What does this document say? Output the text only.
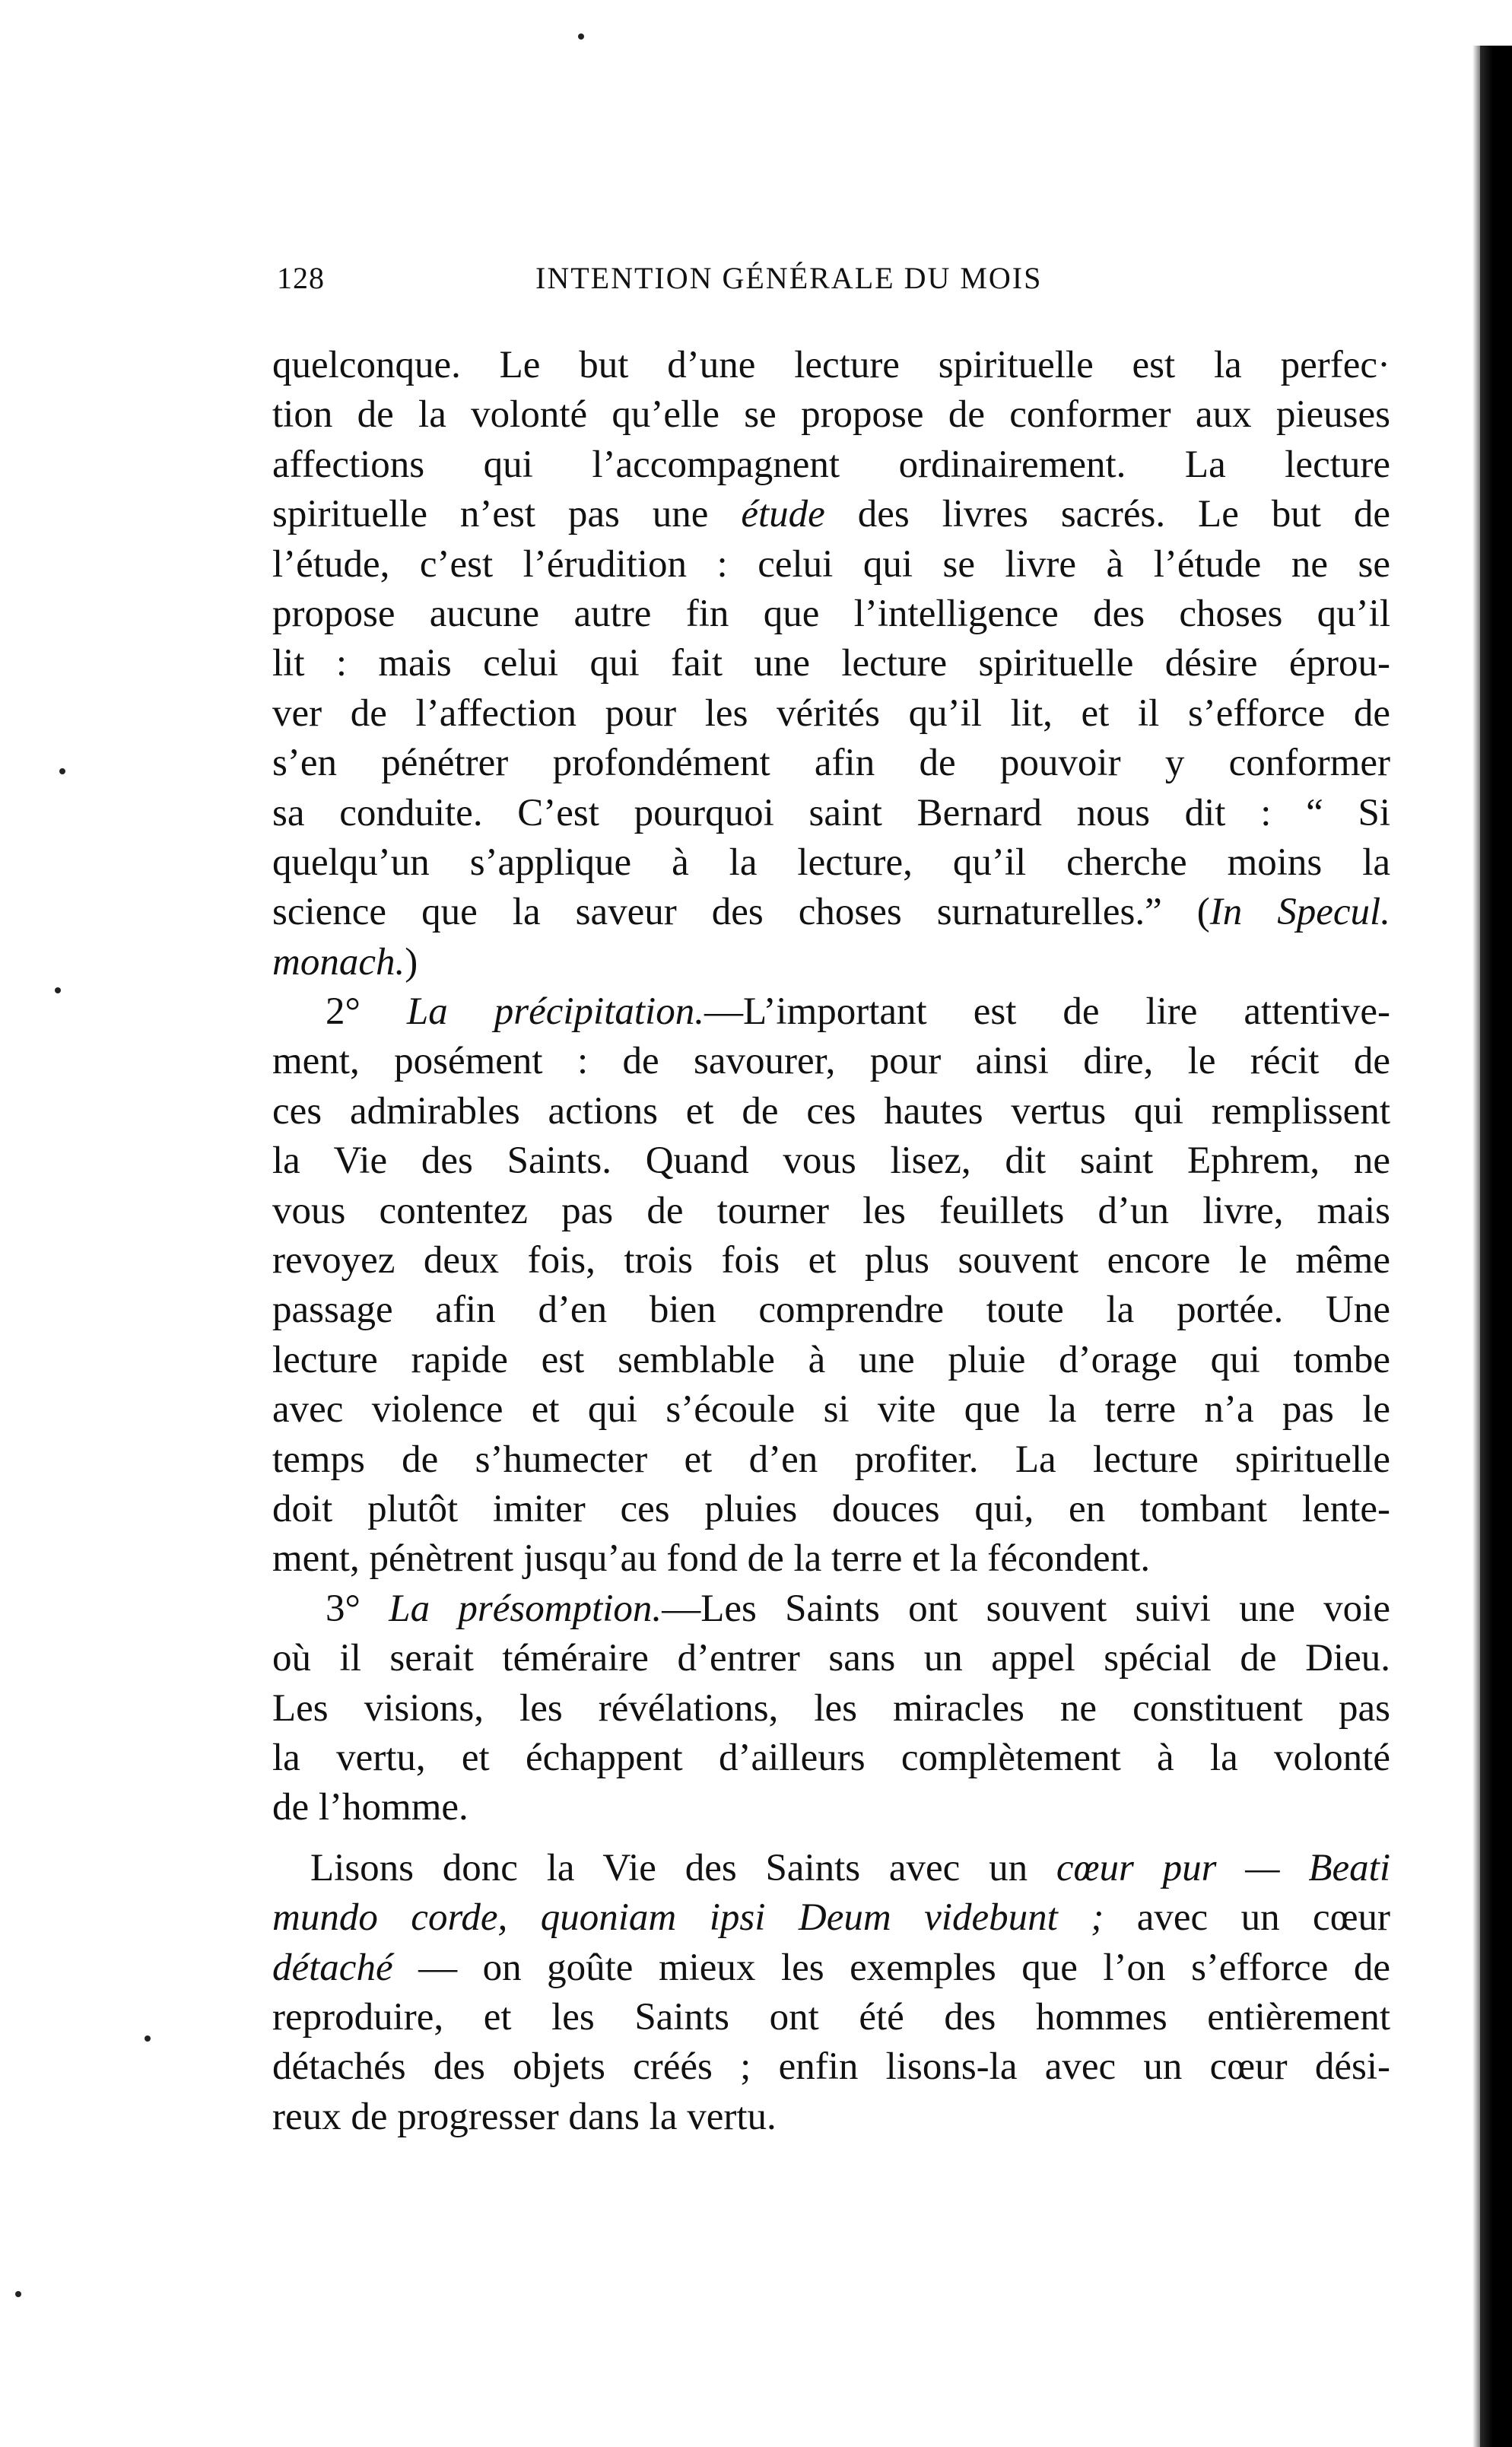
128	INTENTION GÉNÉRALE DU MOIS
quelconque. Le but d’une lecture spirituelle est la perfec·
tion de la volonté qu’elle se propose de conformer aux pieuses
affections qui l’accompagnent ordinairement. La lecture
spirituelle n’est pas une étude des livres sacrés. Le but de
l’étude, c’est l’érudition : celui qui se livre à l’étude ne se
propose aucune autre fin que l’intelligence des choses qu’il
lit : mais celui qui fait une lecture spirituelle désire éprou-
ver de l’affection pour les vérités qu’il lit, et il s’efforce de
s’en pénétrer profondément afin de pouvoir y conformer
sa conduite. C’est pourquoi saint Bernard nous dit : “ Si
quelqu’un s’applique à la lecture, qu’il cherche moins la
science que la saveur des choses surnaturelles.” (In Specul.
monach.)
2° La précipitation.—L’important est de lire attentive-
ment, posément : de savourer, pour ainsi dire, le récit de
ces admirables actions et de ces hautes vertus qui remplissent
la Vie des Saints. Quand vous lisez, dit saint Ephrem, ne
vous contentez pas de tourner les feuillets d’un livre, mais
revoyez deux fois, trois fois et plus souvent encore le même
passage afin d’en bien comprendre toute la portée. Une
lecture rapide est semblable à une pluie d’orage qui tombe
avec violence et qui s’écoule si vite que la terre n’a pas le
temps de s’humecter et d’en profiter. La lecture spirituelle
doit plutôt imiter ces pluies douces qui, en tombant lente-
ment, pénètrent jusqu’au fond de la terre et la fécondent.
3° La présomption.—Les Saints ont souvent suivi une voie
où il serait téméraire d’entrer sans un appel spécial de Dieu.
Les visions, les révélations, les miracles ne constituent pas
la vertu, et échappent d’ailleurs complètement à la volonté
de l’homme.
Lisons donc la Vie des Saints avec un cœur pur — Beati
mundo corde, quoniam ipsi Deum videbunt ; avec un cœur
détaché — on goûte mieux les exemples que l’on s’efforce de
reproduire, et les Saints ont été des hommes entièrement
détachés des objets créés ; enfin lisons-la avec un cœur dési-
reux de progresser dans la vertu.
